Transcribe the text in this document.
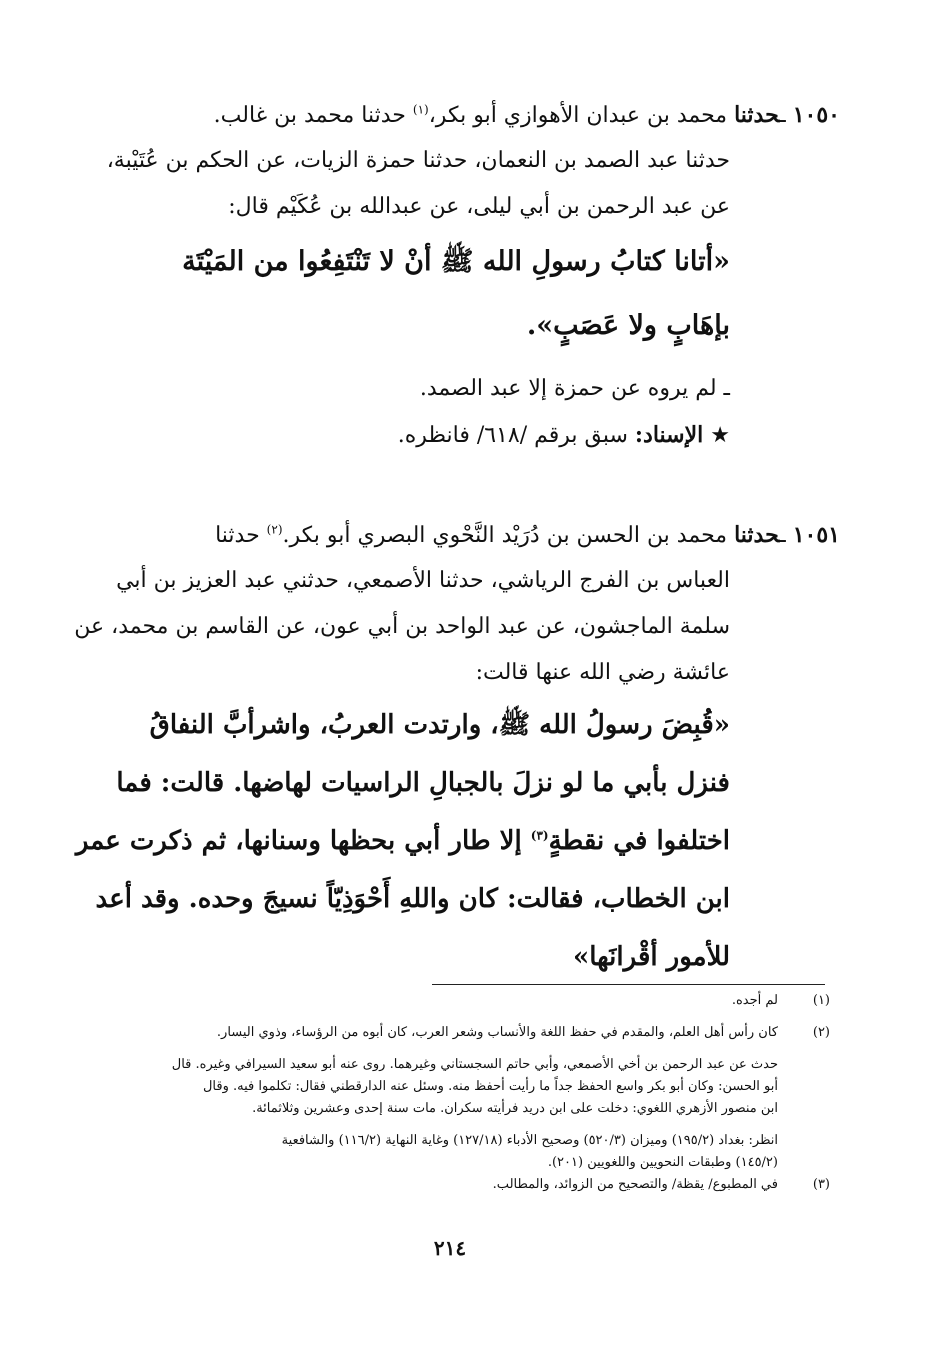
١٠٥٠ ـحدثنا محمد بن عبدان الأهوازي أبو بكر،$^{(١)}$ حدثنا محمد بن غالب.
حدثنا عبد الصمد بن النعمان، حدثنا حمزة الزيات، عن الحكم بن عُتَيْبة،
عن عبد الرحمن بن أبي ليلى، عن عبدالله بن عُكَيْم قال:
«أتانا كتابُ رسولِ الله ﷺ أنْ لا تَنْتَفِعُوا من المَيْتَة
بإهَابٍ ولا عَصَبٍ».
ـ لم يروه عن حمزة إلا عبد الصمد.
★ الإسناد: سبق برقم /٦١٨/ فانظره.
١٠٥١ ـحدثنا محمد بن الحسن بن دُرَيْد النَّحْوي البصري أبو بكر.$^{(٢)}$ حدثنا
العباس بن الفرج الرياشي، حدثنا الأصمعي، حدثني عبد العزيز بن أبي
سلمة الماجشون، عن عبد الواحد بن أبي عون، عن القاسم بن محمد، عن
عائشة رضي الله عنها قالت:
«قُبِضَ رسولُ الله ﷺ، وارتدت العربُ، واشرأبَّ النفاقُ
فنزل بأبي ما لو نزلَ بالجبالِ الراسيات لهاضها. قالت: فما
اختلفوا في نقطةٍ$^{(٣)}$ إلا طار أبي بحظها وسنانها، ثم ذكرت عمر
ابن الخطاب، فقالت: كان واللهِ أَحْوَذِيّاً نسيجَ وحده. وقد أعد
للأمور أقْرانَها»
(١)لم أجده.
(٢)كان رأس أهل العلم، والمقدم في حفظ اللغة والأنساب وشعر العرب، كان أبوه من الرؤساء، وذوي اليسار.
حدث عن عبد الرحمن بن أخي الأصمعي، وأبي حاتم السجستاني وغيرهما. روى عنه أبو سعيد السيرافي وغيره. قال
أبو الحسن: وكان أبو بكر واسع الحفظ جداً ما رأيت أحفظ منه. وسئل عنه الدارقطني فقال: تكلموا فيه. وقال
ابن منصور الأزهري اللغوي: دخلت على ابن دريد فرأيته سكران. مات سنة إحدى وعشرين وثلاثمائة.
انظر: بغداد (١٩٥/٢) وميزان (٥٢٠/٣) وصحيح الأدباء (١٢٧/١٨) وغاية النهاية (١١٦/٢) والشافعية
(١٤٥/٢) وطبقات النحويين واللغويين (٢٠١).
(٣)في المطبوع/ يقظة/ والتصحيح من الزوائد، والمطالب.
٢١٤
